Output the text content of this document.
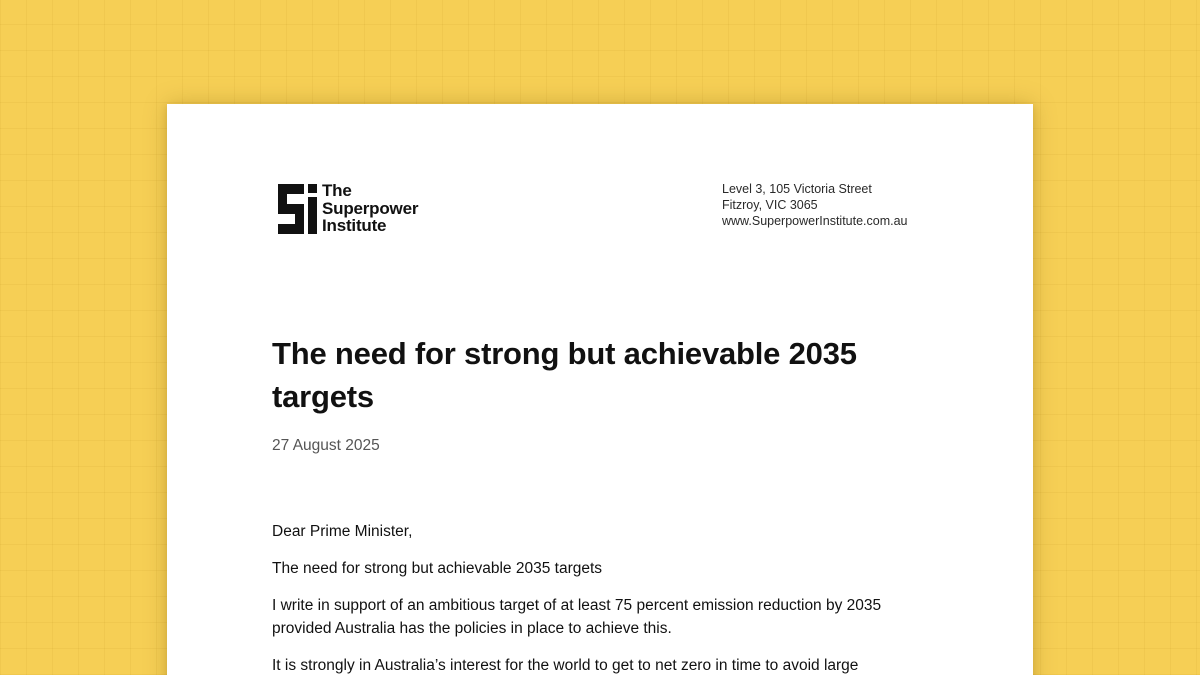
The
Superpower
Institute
Level 3, 105 Victoria Street
Fitzroy, VIC 3065
www.SuperpowerInstitute.com.au
The need for strong but achievable 2035 targets
27 August 2025

Dear Prime Minister,

The need for strong but achievable 2035 targets

I write in support of an ambitious target of at least 75 percent emission reduction by 2035 provided Australia has the policies in place to achieve this.

It is strongly in Australia’s interest for the world to get to net zero in time to avoid large
